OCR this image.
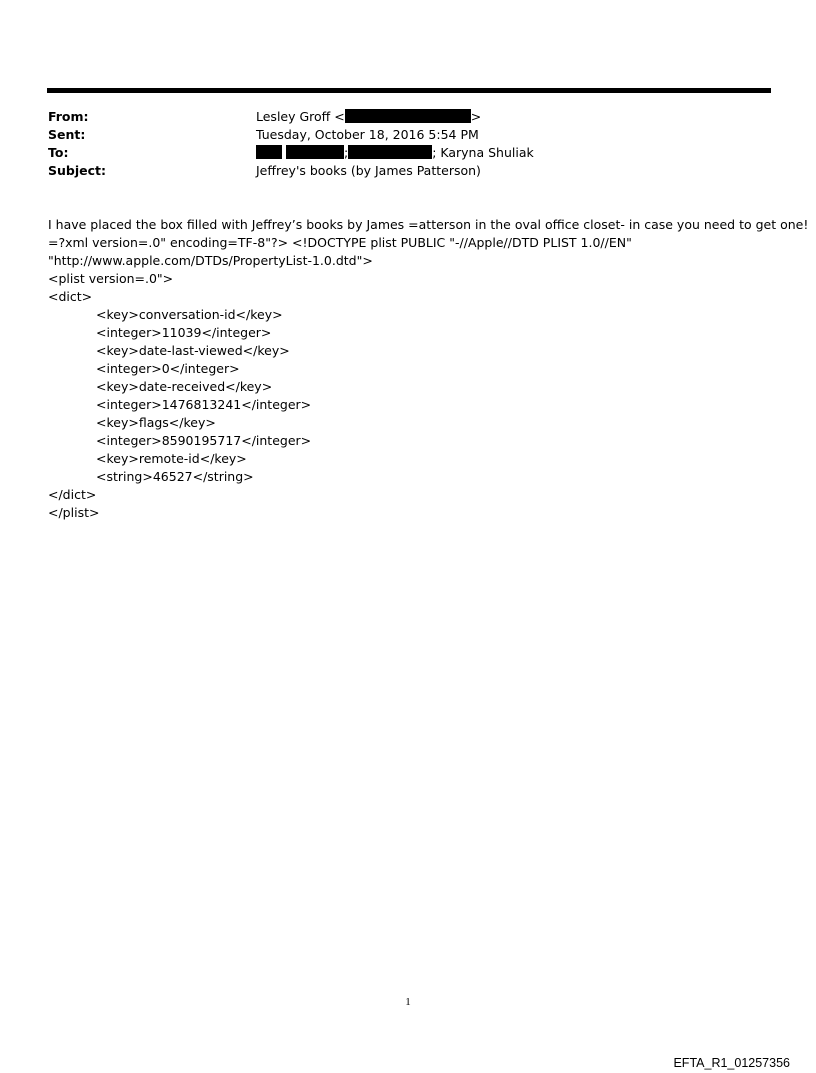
From:	Lesley Groff <	>
Sent:	Tuesday, October 18, 2016 5:54 PM
To:	;	; Karyna Shuliak
Subject:	Jeffrey's books (by James Patterson)
I have placed the box filled with Jeffrey’s books by James =atterson in the oval office closet- in case you need to get one!
=?xml version=.0" encoding=TF-8"?> <!DOCTYPE plist PUBLIC "-//Apple//DTD PLIST 1.0//EN"
"http://www.apple.com/DTDs/PropertyList-1.0.dtd">
<plist version=.0">
<dict>
<key>conversation-id</key>
<integer>11039</integer>
<key>date-last-viewed</key>
<integer>0</integer>
<key>date-received</key>
<integer>1476813241</integer>
<key>flags</key>
<integer>8590195717</integer>
<key>remote-id</key>
<string>46527</string>
</dict>
</plist>
1
EFTA_R1_01257356
